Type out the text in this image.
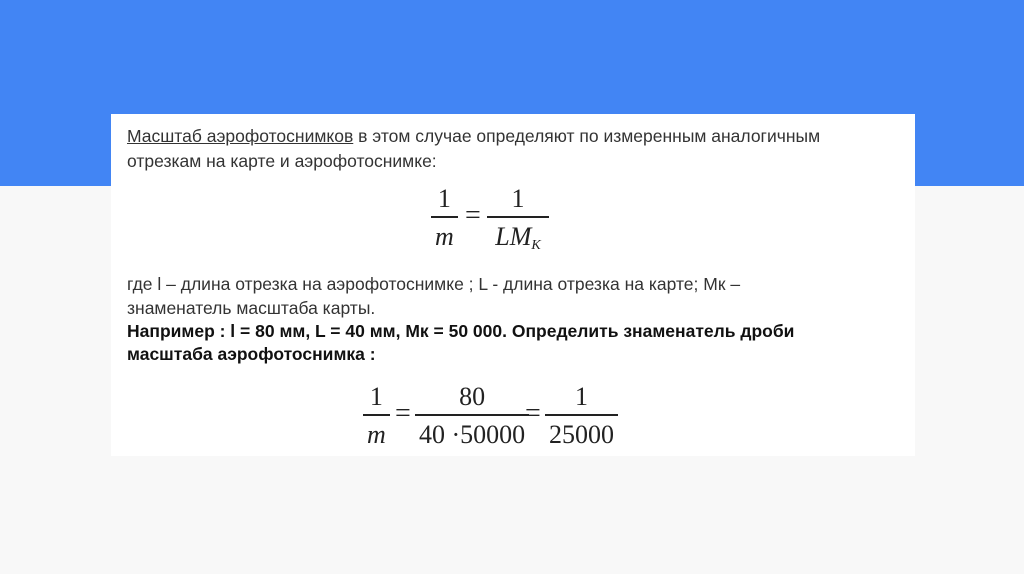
Масштаб аэрофотоснимков в этом случае определяют по измеренным аналогичным
отрезкам на карте и аэрофотоснимке:
1
m
=
1
$LM_К$
где l – длина отрезка на аэрофотоснимке ; L - длина отрезка на карте; Мк –
знаменатель масштаба карты.
Например : l = 80 мм, L = 40 мм, Мк = 50 000. Определить знаменатель дроби
масштаба аэрофотоснимка :
1
m
=
80
40 ·50000
=
1
25000
